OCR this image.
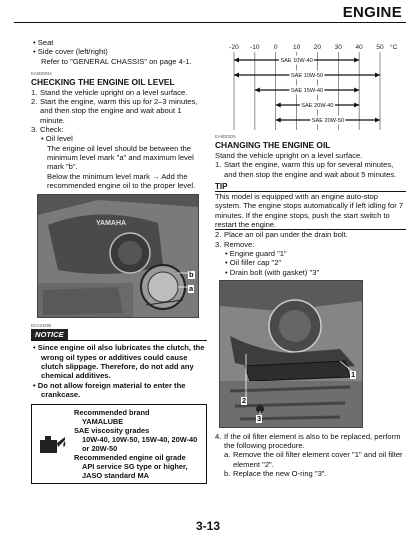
ENGINE

• Seat

• Side cover (left/right)

Refer to "GENERAL CHASSIS" on page 4-1.

EAM30034
CHECKING THE ENGINE OIL LEVEL
1. Stand the vehicle upright on a level surface.
2. Start the engine, warm this up for 2–3 minutes, and then stop the engine and wait about 1 minute.
3. Check:

• Oil level

The engine oil level should be between the minimum level mark "a" and maximum level mark "b".

Below the minimum level mark → Add the recommended engine oil to the proper level.

YAMAHA
b
a
ECA24290
NOTICE

• Since engine oil also lubricates the clutch, the wrong oil types or additives could cause clutch slippage. Therefore, do not add any chemical additives.

• Do not allow foreign material to enter the crankcase.

Recommended brand
YAMALUBE
SAE viscosity grades
10W-40, 10W-50, 15W-40, 20W-40 or 20W-50
Recommended engine oil grade
API service SG type or higher, JASO standard MA
-20 -10 0 10 20 30 40 50 °C
SAE 10W-40
SAE 10W-50
SAE 15W-40
SAE 20W-40
SAE 20W-50
EAM30025
CHANGING THE ENGINE OIL

Stand the vehicle upright on a level surface.

1. Start the engine, warm this up for several minutes, and then stop the engine and wait about 5 minutes.
TIP

This model is equipped with an engine auto-stop system. The engine stops automatically if left idling for 7 minutes. If the engine stops, push the start switch to restart the engine.

2. Place an oil pan under the drain bolt.
3. Remove:

• Engine guard "1"

• Oil filler cap "2"

• Drain bolt (with gasket) "3"

1
2
3
4. If the oil filter element is also to be replaced, perform the following procedure.
a. Remove the oil filter element cover "1" and oil filter element "2".
b. Replace the new O-ring "3".
3-13
